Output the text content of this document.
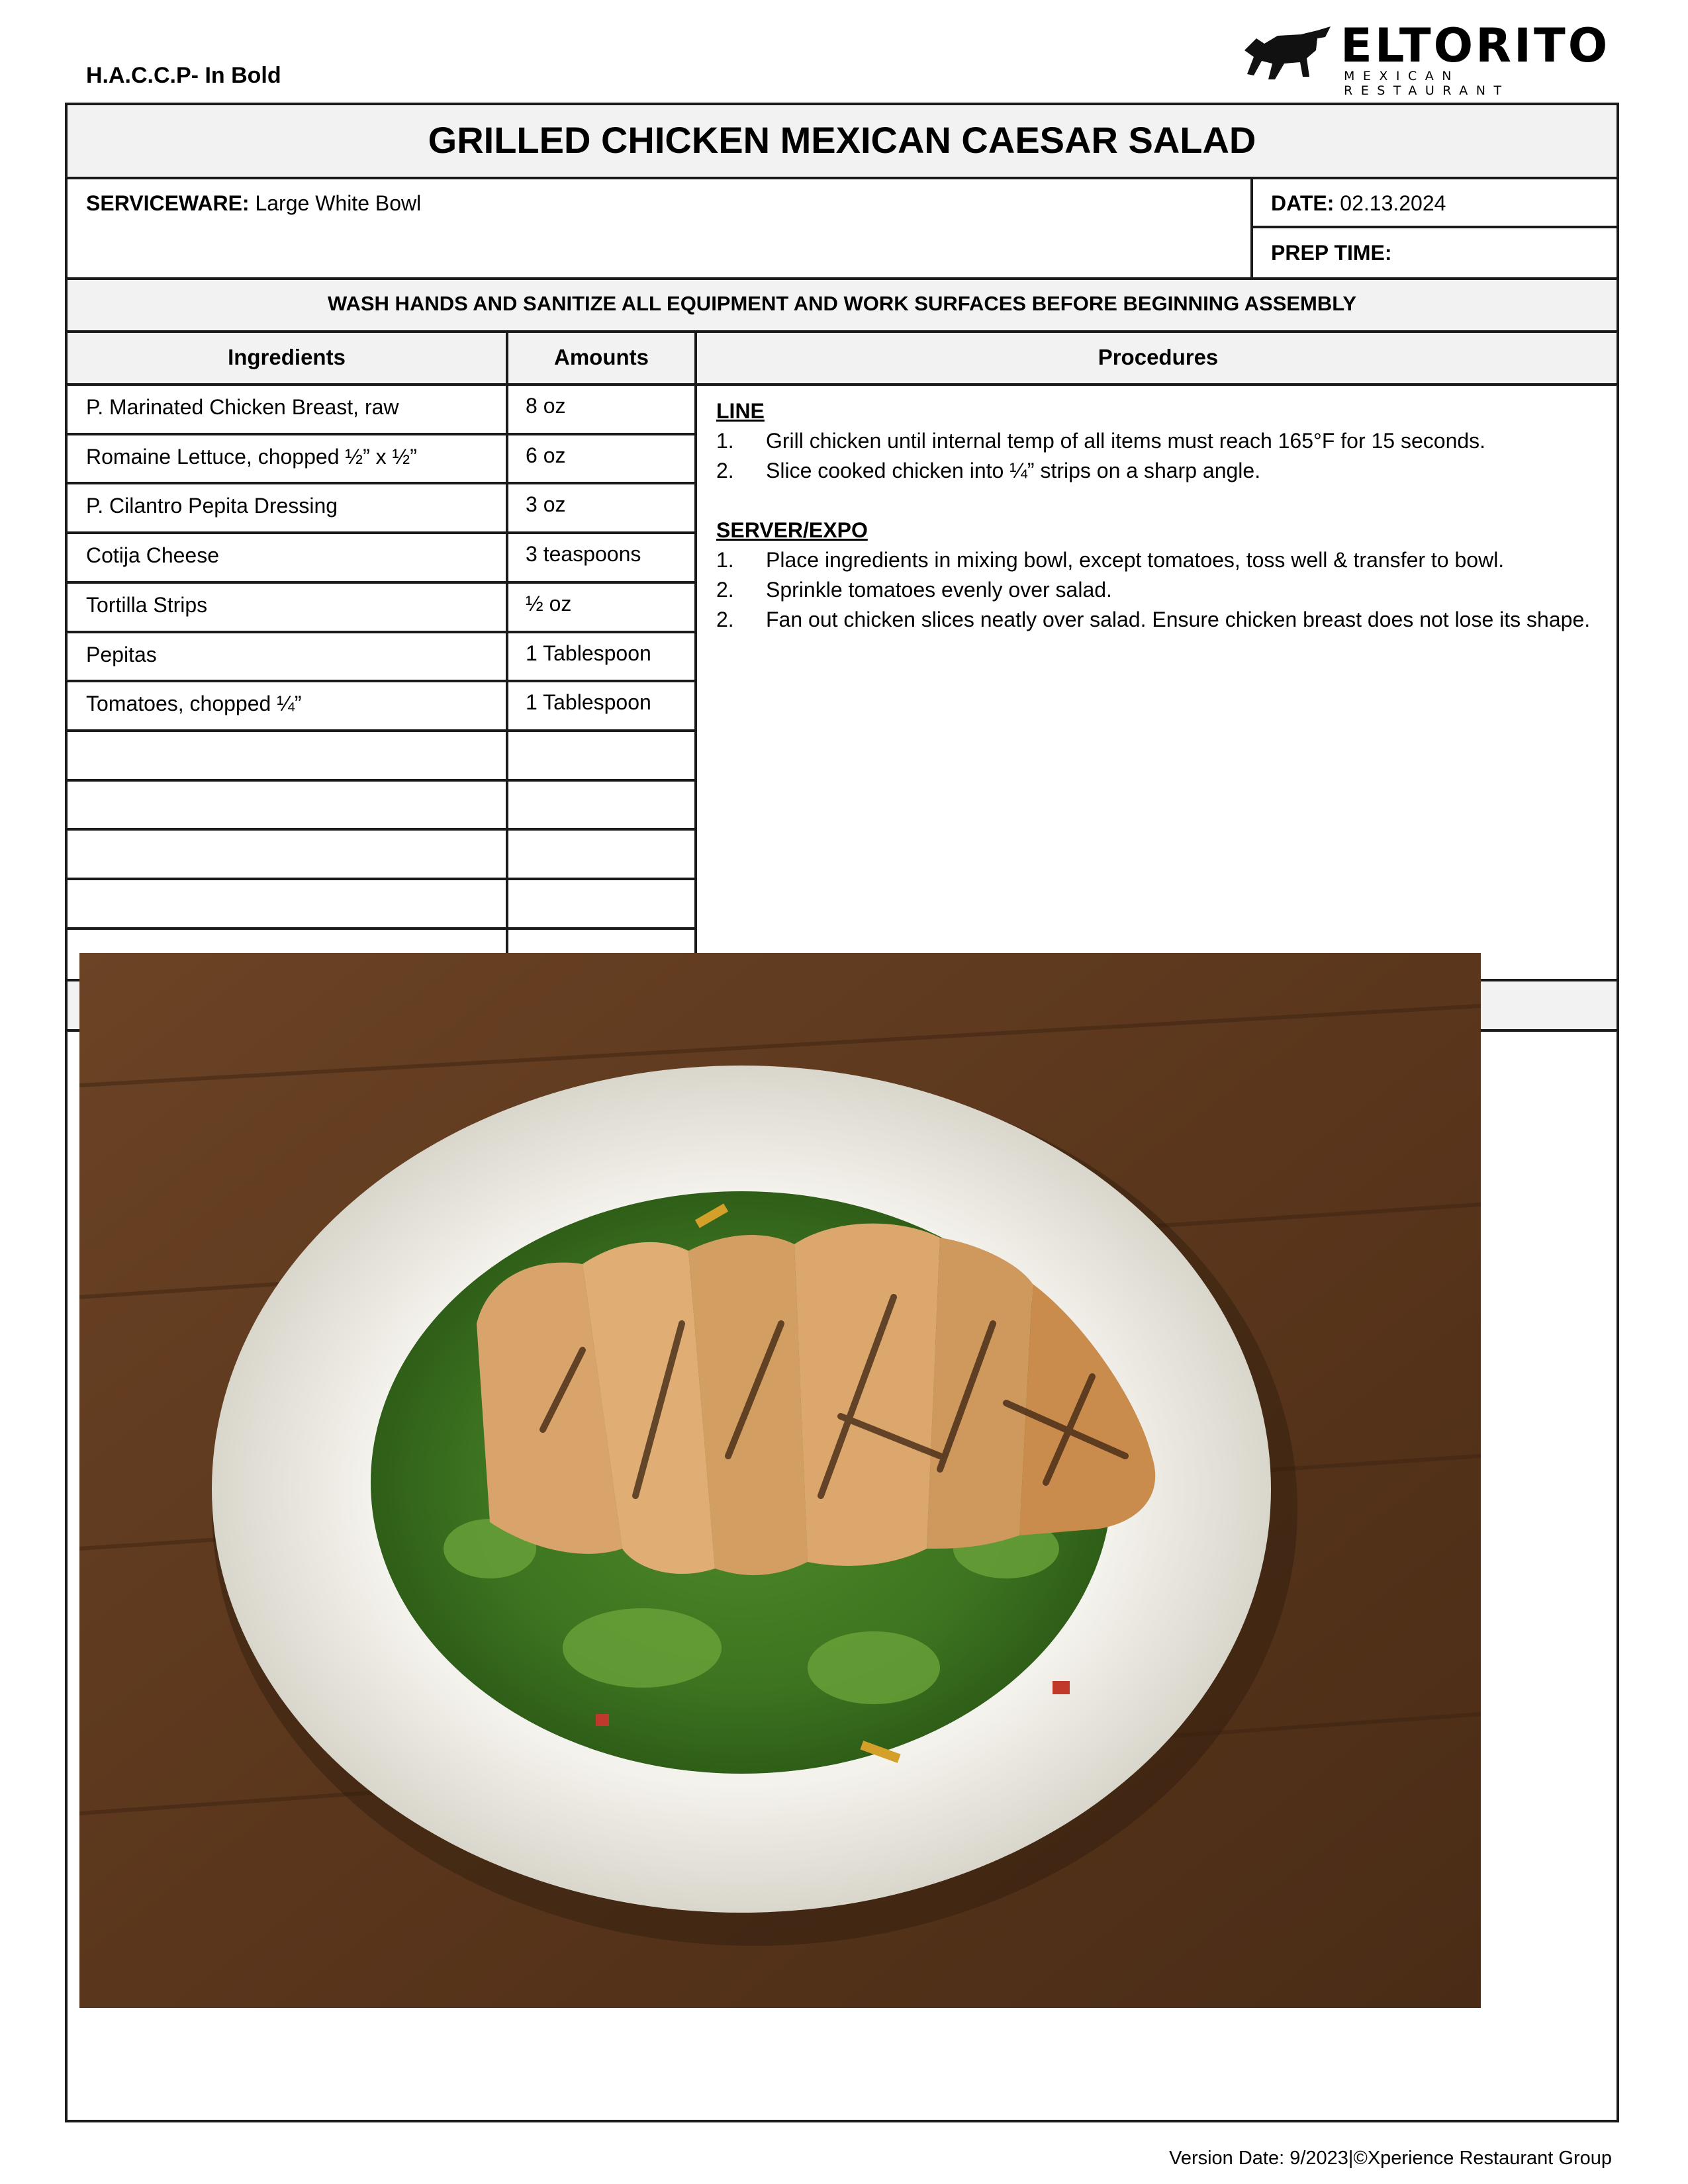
H.A.C.C.P- In Bold
ELTORITO
MEXICAN RESTAURANT
GRILLED CHICKEN MEXICAN CAESAR SALAD
SERVICEWARE: Large White Bowl	DATE: 02.13.2024
PREP TIME:
WASH HANDS AND SANITIZE ALL EQUIPMENT AND WORK SURFACES BEFORE BEGINNING ASSEMBLY
Ingredients	Amounts	Procedures
P. Marinated Chicken Breast, raw	8 oz
Romaine Lettuce, chopped ½” x ½”	6 oz
P. Cilantro Pepita Dressing	3 oz
Cotija Cheese	3 teaspoons
Tortilla Strips	½ oz
Pepitas	1 Tablespoon
Tomatoes, chopped ¼”	1 Tablespoon
LINE
1. Grill chicken until internal temp of all items must reach 165°F for 15 seconds.
2. Slice cooked chicken into ¼” strips on a sharp angle.
SERVER/EXPO
1. Place ingredients in mixing bowl, except tomatoes, toss well & transfer to bowl.
2. Sprinkle tomatoes evenly over salad.
2. Fan out chicken slices neatly over salad. Ensure chicken breast does not lose its shape.
Version Date: 9/2023|©Xperience Restaurant Group
